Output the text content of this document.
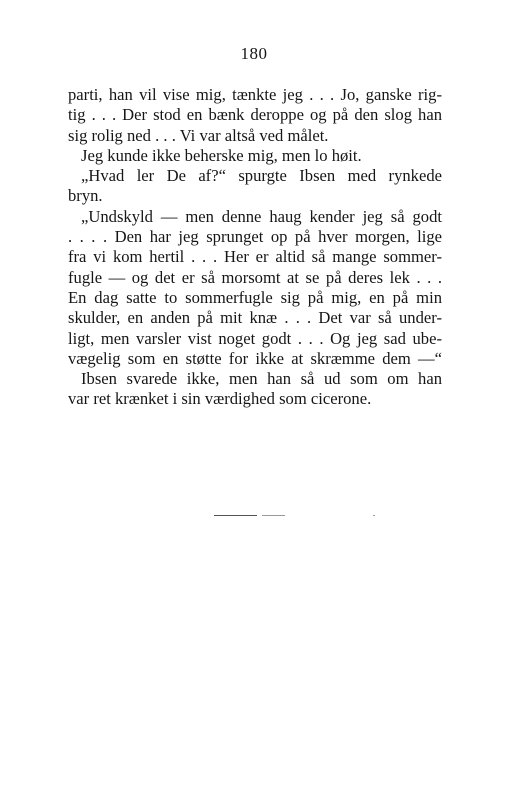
180
parti, han vil vise mig, tænkte jeg . . . Jo, ganske rig-
tig . . . Der stod en bænk deroppe og på den slog han
sig rolig ned . . . Vi var altså ved målet.
Jeg kunde ikke beherske mig, men lo høit.
„Hvad ler De af?“ spurgte Ibsen med rynkede
bryn.
„Undskyld — men denne haug kender jeg så godt
. . . . Den har jeg sprunget op på hver morgen, lige
fra vi kom hertil . . . Her er altid så mange sommer-
fugle — og det er så morsomt at se på deres lek . . .
En dag satte to sommerfugle sig på mig, en på min
skulder, en anden på mit knæ . . . Det var så under-
ligt, men varsler vist noget godt . . . Og jeg sad ube-
vægelig som en støtte for ikke at skræmme dem —“
Ibsen svarede ikke, men han så ud som om han
var ret krænket i sin værdighed som cicerone.
